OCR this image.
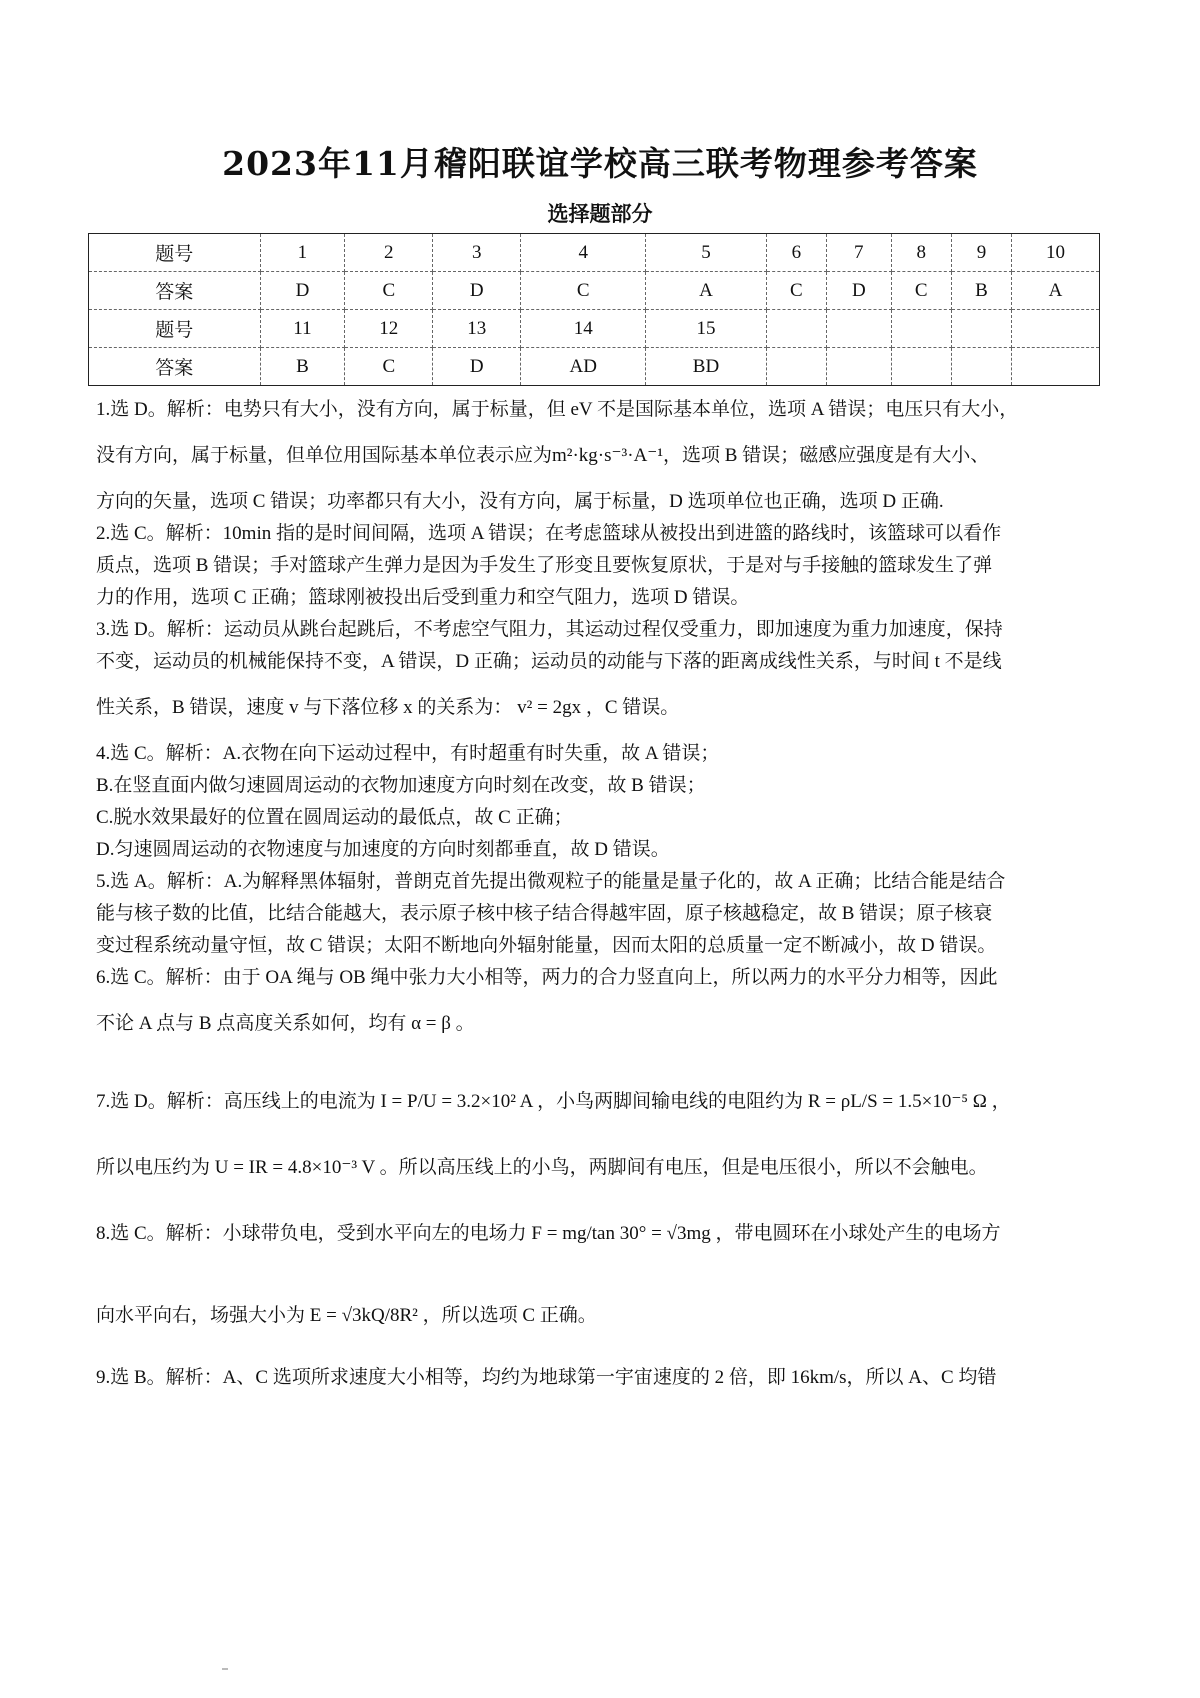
2023年11月稽阳联谊学校高三联考物理参考答案
选择题部分
题号	1	2	3	4	5	6	7	8	9	10
答案	D	C	D	C	A	C	D	C	B	A
题号	11	12	13	14	15					
答案	B	C	D	AD	BD					

1.选 D。解析：电势只有大小，没有方向，属于标量，但 eV 不是国际基本单位，选项 A 错误；电压只有大小，

没有方向，属于标量，但单位用国际基本单位表示应为m²·kg·s⁻³·A⁻¹，选项 B 错误；磁感应强度是有大小、

方向的矢量，选项 C 错误；功率都只有大小，没有方向，属于标量，D 选项单位也正确，选项 D 正确.

2.选 C。解析：10min 指的是时间间隔，选项 A 错误；在考虑篮球从被投出到进篮的路线时，该篮球可以看作

质点，选项 B 错误；手对篮球产生弹力是因为手发生了形变且要恢复原状，于是对与手接触的篮球发生了弹

力的作用，选项 C 正确；篮球刚被投出后受到重力和空气阻力，选项 D 错误。

3.选 D。解析：运动员从跳台起跳后，不考虑空气阻力，其运动过程仅受重力，即加速度为重力加速度，保持

不变，运动员的机械能保持不变，A 错误，D 正确；运动员的动能与下落的距离成线性关系，与时间 t 不是线

性关系，B 错误，速度 v 与下落位移 x 的关系为： v² = 2gx ，C 错误。

4.选 C。解析：A.衣物在向下运动过程中，有时超重有时失重，故 A 错误；

B.在竖直面内做匀速圆周运动的衣物加速度方向时刻在改变，故 B 错误；

C.脱水效果最好的位置在圆周运动的最低点，故 C 正确；

D.匀速圆周运动的衣物速度与加速度的方向时刻都垂直，故 D 错误。

5.选 A。解析：A.为解释黑体辐射，普朗克首先提出微观粒子的能量是量子化的，故 A 正确；比结合能是结合

能与核子数的比值，比结合能越大，表示原子核中核子结合得越牢固，原子核越稳定，故 B 错误；原子核衰

变过程系统动量守恒，故 C 错误；太阳不断地向外辐射能量，因而太阳的总质量一定不断减小，故 D 错误。

6.选 C。解析：由于 OA 绳与 OB 绳中张力大小相等，两力的合力竖直向上，所以两力的水平分力相等，因此

不论 A 点与 B 点高度关系如何，均有 α = β 。

7.选 D。解析：高压线上的电流为 I = P/U = 3.2×10² A ，小鸟两脚间输电线的电阻约为 R = ρL/S = 1.5×10⁻⁵ Ω ，

所以电压约为 U = IR = 4.8×10⁻³ V 。所以高压线上的小鸟，两脚间有电压，但是电压很小，所以不会触电。

8.选 C。解析：小球带负电，受到水平向左的电场力 F = mg/tan 30° = √3mg ，带电圆环在小球处产生的电场方

向水平向右，场强大小为 E = √3kQ/8R² ，所以选项 C 正确。

9.选 B。解析：A、C 选项所求速度大小相等，均约为地球第一宇宙速度的 2 倍，即 16km/s，所以 A、C 均错
